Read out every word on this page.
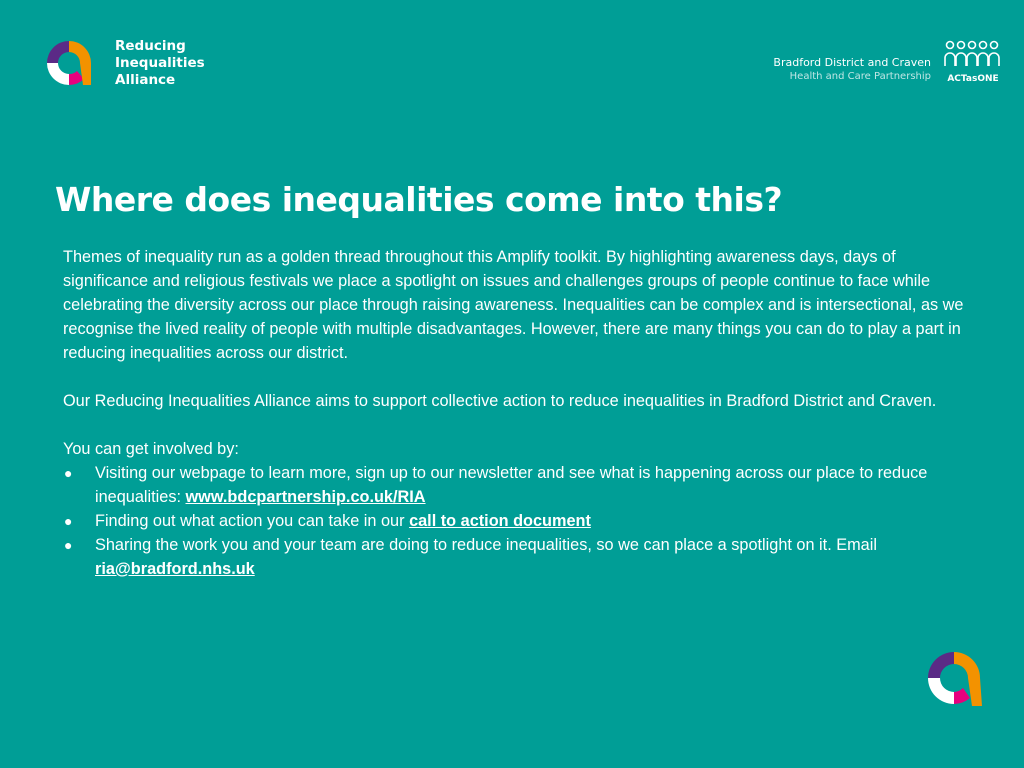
Reducing
Inequalities
Alliance
Bradford District and Craven
Health and Care Partnership	ACTasONE
Where does inequalities come into this?

Themes of inequality run as a golden thread throughout this Amplify toolkit. By highlighting awareness days, days of significance and religious festivals we place a spotlight on issues and challenges groups of people continue to face while celebrating the diversity across our place through raising awareness. Inequalities can be complex and is intersectional, as we recognise the lived reality of people with multiple disadvantages. However, there are many things you can do to play a part in reducing inequalities across our district.

Our Reducing Inequalities Alliance aims to support collective action to reduce inequalities in Bradford District and Craven.

You can get involved by:
● Visiting our webpage to learn more, sign up to our newsletter and see what is happening across our place to reduce inequalities: www.bdcpartnership.co.uk/RIA
● Finding out what action you can take in our call to action document
● Sharing the work you and your team are doing to reduce inequalities, so we can place a spotlight on it. Email ria@bradford.nhs.uk
